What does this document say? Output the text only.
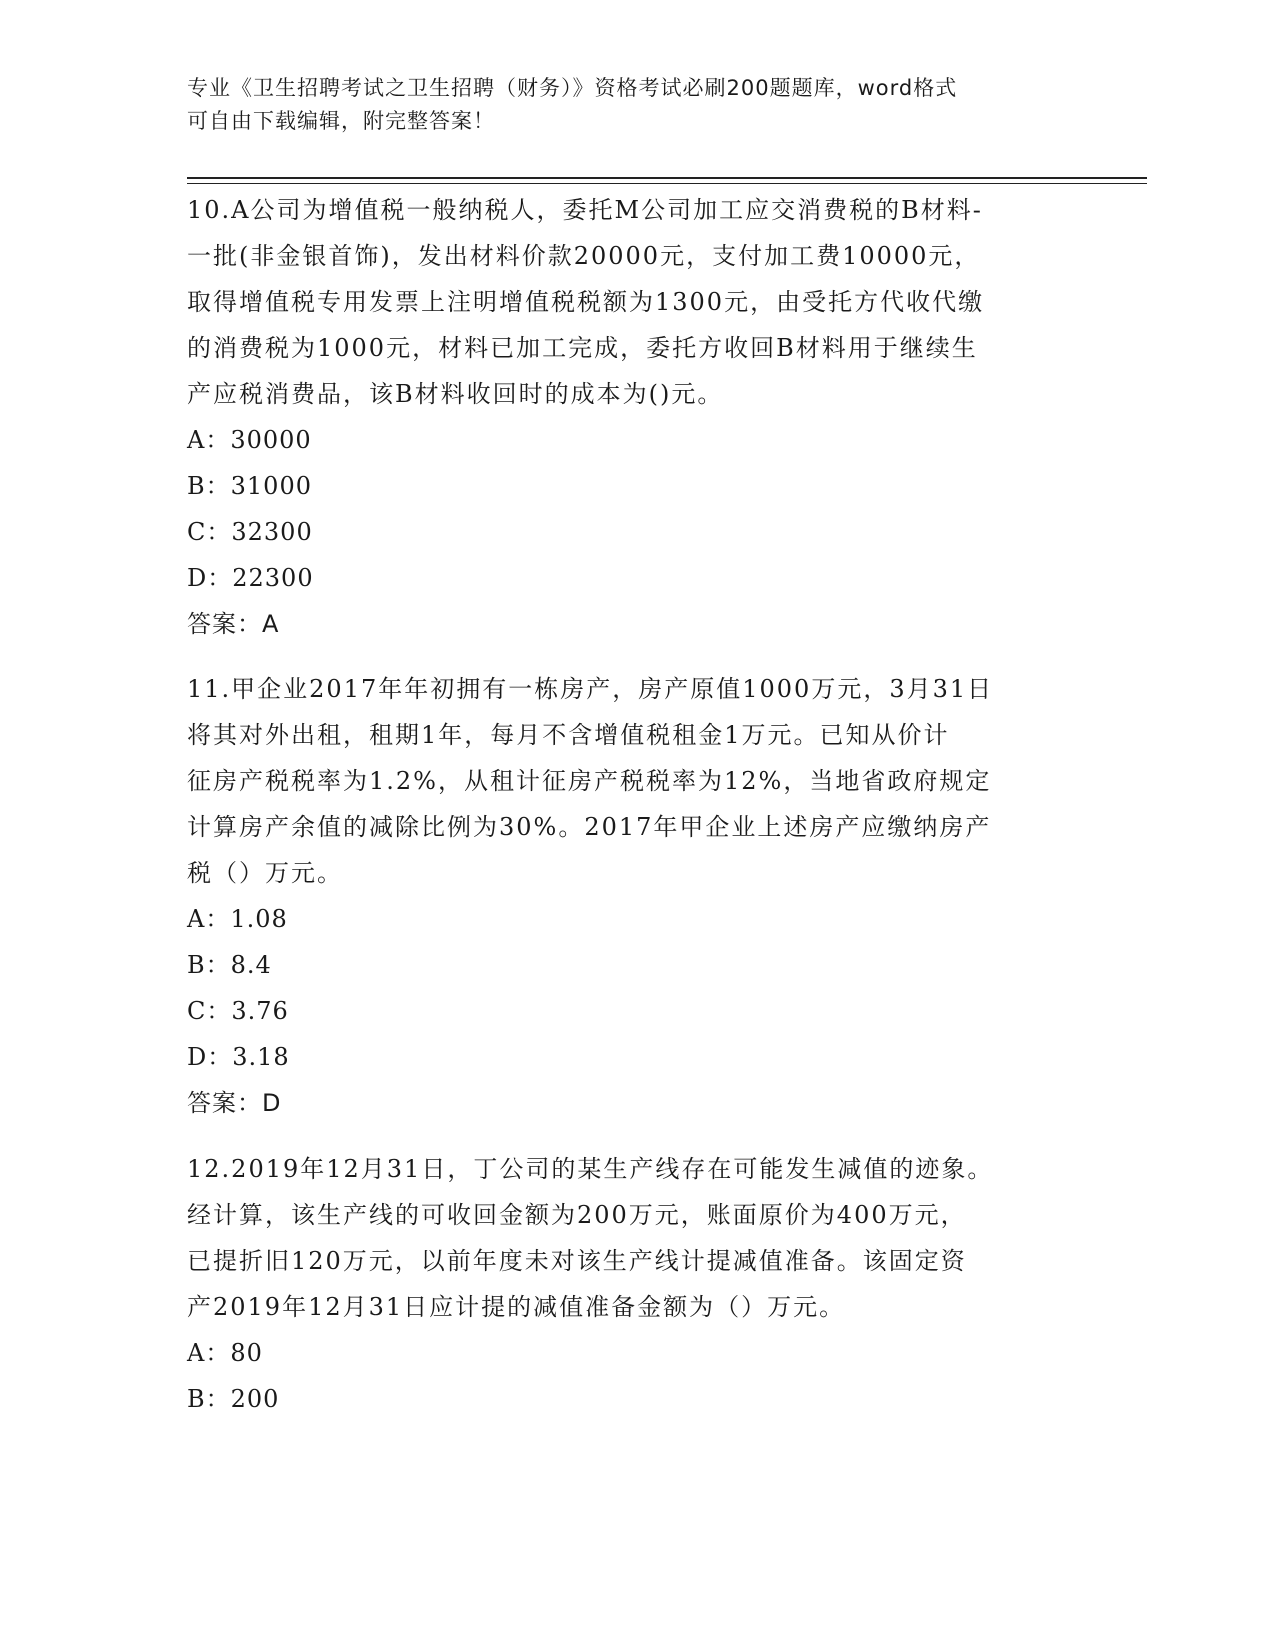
专业《卫生招聘考试之卫生招聘（财务）》资格考试必刷200题题库，word格式
可自由下载编辑，附完整答案！
10.A公司为增值税一般纳税人，委托M公司加工应交消费税的B材料-
一批(非金银首饰)，发出材料价款20000元，支付加工费10000元，
取得增值税专用发票上注明增值税税额为1300元，由受托方代收代缴
的消费税为1000元，材料已加工完成，委托方收回B材料用于继续生
产应税消费品，该B材料收回时的成本为()元。
A：30000
B：31000
C：32300
D：22300
答案：A
11.甲企业2017年年初拥有一栋房产，房产原值1000万元，3月31日
将其对外出租，租期1年，每月不含增值税租金1万元。已知从价计
征房产税税率为1.2%，从租计征房产税税率为12%，当地省政府规定
计算房产余值的减除比例为30%。2017年甲企业上述房产应缴纳房产
税（）万元。
A：1.08
B：8.4
C：3.76
D：3.18
答案：D
12.2019年12月31日，丁公司的某生产线存在可能发生减值的迹象。
经计算，该生产线的可收回金额为200万元，账面原价为400万元，
已提折旧120万元，以前年度未对该生产线计提减值准备。该固定资
产2019年12月31日应计提的减值准备金额为（）万元。
A：80
B：200
